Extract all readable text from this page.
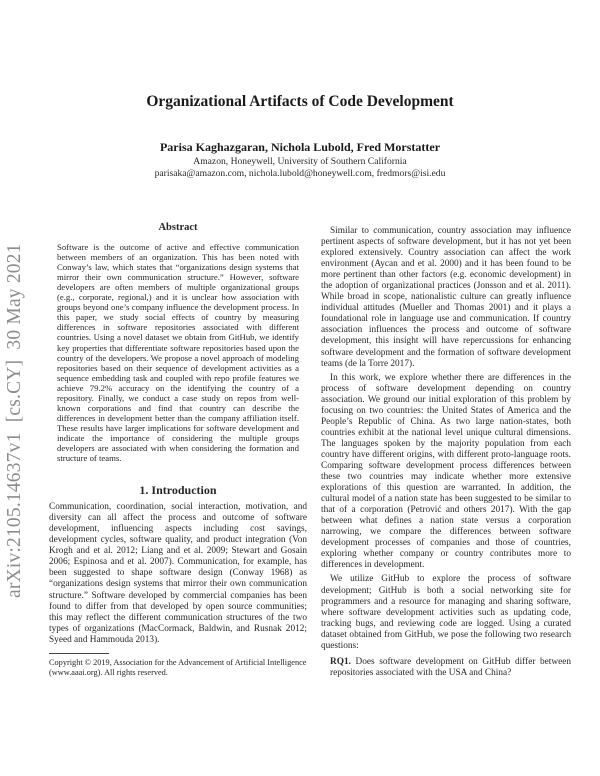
arXiv:2105.14637v1  [cs.CY]  30 May 2021
Organizational Artifacts of Code Development
Parisa Kaghazgaran, Nichola Lubold, Fred Morstatter
Amazon, Honeywell, University of Southern California
parisaka@amazon.com, nichola.lubold@honeywell.com, fredmors@isi.edu
Abstract

Software is the outcome of active and effective communication between members of an organization. This has been noted with Conway’s law, which states that “organizations design systems that mirror their own communication structure.” However, software developers are often members of multiple organizational groups (e.g., corporate, regional,) and it is unclear how association with groups beyond one’s company influence the development process. In this paper, we study social effects of country by measuring differences in software repositories associated with different countries. Using a novel dataset we obtain from GitHub, we identify key properties that differentiate software repositories based upon the country of the developers. We propose a novel approach of modeling repositories based on their sequence of development activities as a sequence embedding task and coupled with repo profile features we achieve 79.2% accuracy on the identifying the country of a repository. Finally, we conduct a case study on repos from well-known corporations and find that country can describe the differences in development better than the company affiliation itself. These results have larger implications for software development and indicate the importance of considering the multiple groups developers are associated with when considering the formation and structure of teams.

1. Introduction

Communication, coordination, social interaction, motivation, and diversity can all affect the process and outcome of software development, influencing aspects including cost savings, development cycles, software quality, and product integration (Von Krogh and et al. 2012; Liang and et al. 2009; Stewart and Gosain 2006; Espinosa and et al. 2007). Communication, for example, has been suggested to shape software design (Conway 1968) as “organizations design systems that mirror their own communication structure.” Software developed by commercial companies has been found to differ from that developed by open source communities; this may reflect the different communication structures of the two types of organizations (MacCormack, Baldwin, and Rusnak 2012; Syeed and Hammouda 2013).

Copyright © 2019, Association for the Advancement of Artificial Intelligence (www.aaai.org). All rights reserved.

Similar to communication, country association may influence pertinent aspects of software development, but it has not yet been explored extensively. Country association can affect the work environment (Aycan and et al. 2000) and it has been found to be more pertinent than other factors (e.g. economic development) in the adoption of organizational practices (Jonsson and et al. 2011). While broad in scope, nationalistic culture can greatly influence individual attitudes (Mueller and Thomas 2001) and it plays a foundational role in language use and communication. If country association influences the process and outcome of software development, this insight will have repercussions for enhancing software development and the formation of software development teams (de la Torre 2017).

In this work, we explore whether there are differences in the process of software development depending on country association. We ground our initial exploration of this problem by focusing on two countries: the United States of America and the People’s Republic of China. As two large nation-states, both countries exhibit at the national level unique cultural dimensions. The languages spoken by the majority population from each country have different origins, with different proto-language roots. Comparing software development process differences between these two countries may indicate whether more extensive explorations of this question are warranted. In addition, the cultural model of a nation state has been suggested to be similar to that of a corporation (Petrović and others 2017). With the gap between what defines a nation state versus a corporation narrowing, we compare the differences between software development processes of companies and those of countries, exploring whether company or country contributes more to differences in development.

We utilize GitHub to explore the process of software development; GitHub is both a social networking site for programmers and a resource for managing and sharing software, where software development activities such as updating code, tracking bugs, and reviewing code are logged. Using a curated dataset obtained from GitHub, we pose the following two research questions:

RQ1. Does software development on GitHub differ between repositories associated with the USA and China?
